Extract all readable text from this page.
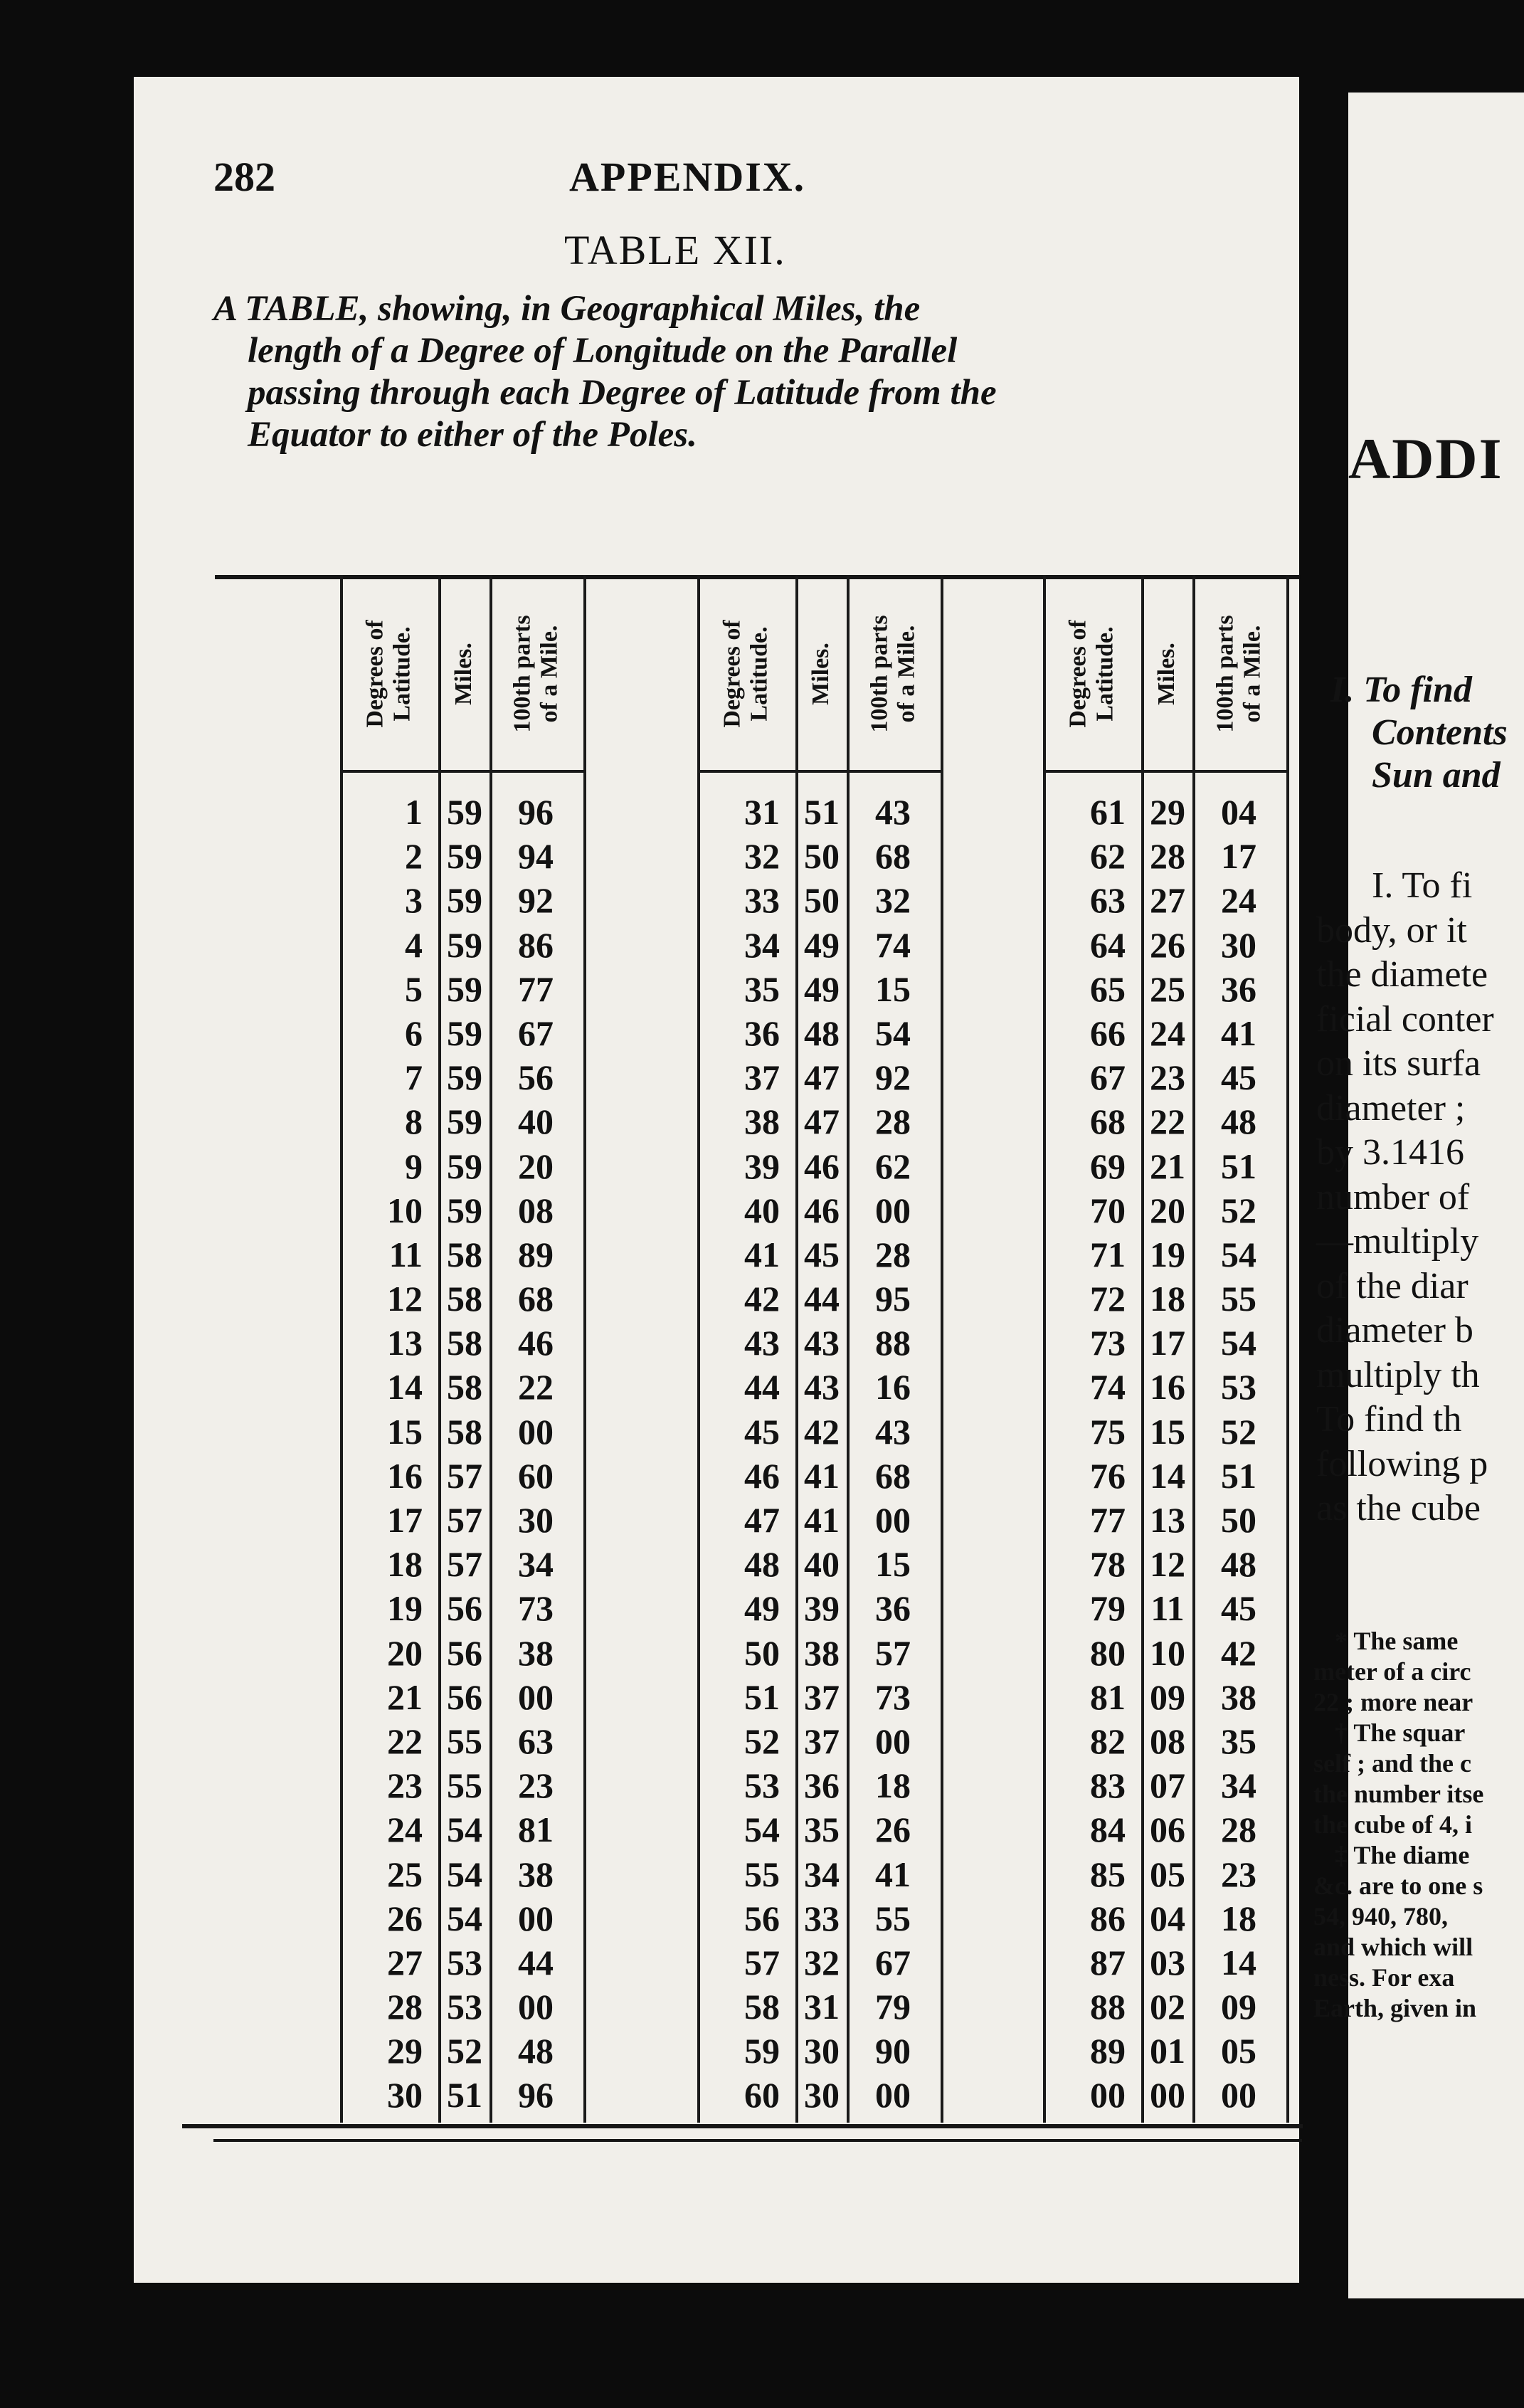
282	APPENDIX.
TABLE XII.
A TABLE, showing, in Geographical Miles, the
length of a Degree of Longitude on the Parallel
passing through each Degree of Latitude from the
Equator to either of the Poles.
Degrees of
Latitude. Miles. 100th parts
of a Mile.
1
2
3
4
5
6
7
8
9
10
11
12
13
14
15
16
17
18
19
20
21
22
23
24
25
26
27
28
29
30
59
59
59
59
59
59
59
59
59
59
58
58
58
58
58
57
57
57
56
56
56
55
55
54
54
54
53
53
52
51
96
94
92
86
77
67
56
40
20
08
89
68
46
22
00
60
30
34
73
38
00
63
23
81
38
00
44
00
48
96
Degrees of
Latitude. Miles. 100th parts
of a Mile.
31
32
33
34
35
36
37
38
39
40
41
42
43
44
45
46
47
48
49
50
51
52
53
54
55
56
57
58
59
60
51
50
50
49
49
48
47
47
46
46
45
44
43
43
42
41
41
40
39
38
37
37
36
35
34
33
32
31
30
30
43
68
32
74
15
54
92
28
62
00
28
95
88
16
43
68
00
15
36
57
73
00
18
26
41
55
67
79
90
00
Degrees of
Latitude. Miles. 100th parts
of a Mile.
61
62
63
64
65
66
67
68
69
70
71
72
73
74
75
76
77
78
79
80
81
82
83
84
85
86
87
88
89
00
29
28
27
26
25
24
23
22
21
20
19
18
17
16
15
14
13
12
11
10
09
08
07
06
05
04
03
02
01
00
04
17
24
30
36
41
45
48
51
52
54
55
54
53
52
51
50
48
45
42
38
35
34
28
23
18
14
09
05
00
ADDI
I. To find
Contents
Sun and
I. To fi
body, or it
the diamete
ficial conter
on its surfa
diameter ;
by 3.1416
number of
—multiply
of the diar
diameter b
multiply th
To find th
following p
as the cube
* The same
meter of a circ
22 ; more near
† The squar
self ; and the c
the number itse
the cube of 4, i
‡ The diame
&c. are to one s
54, 940, 780,
and which will
ness. For exa
Earth, given in
